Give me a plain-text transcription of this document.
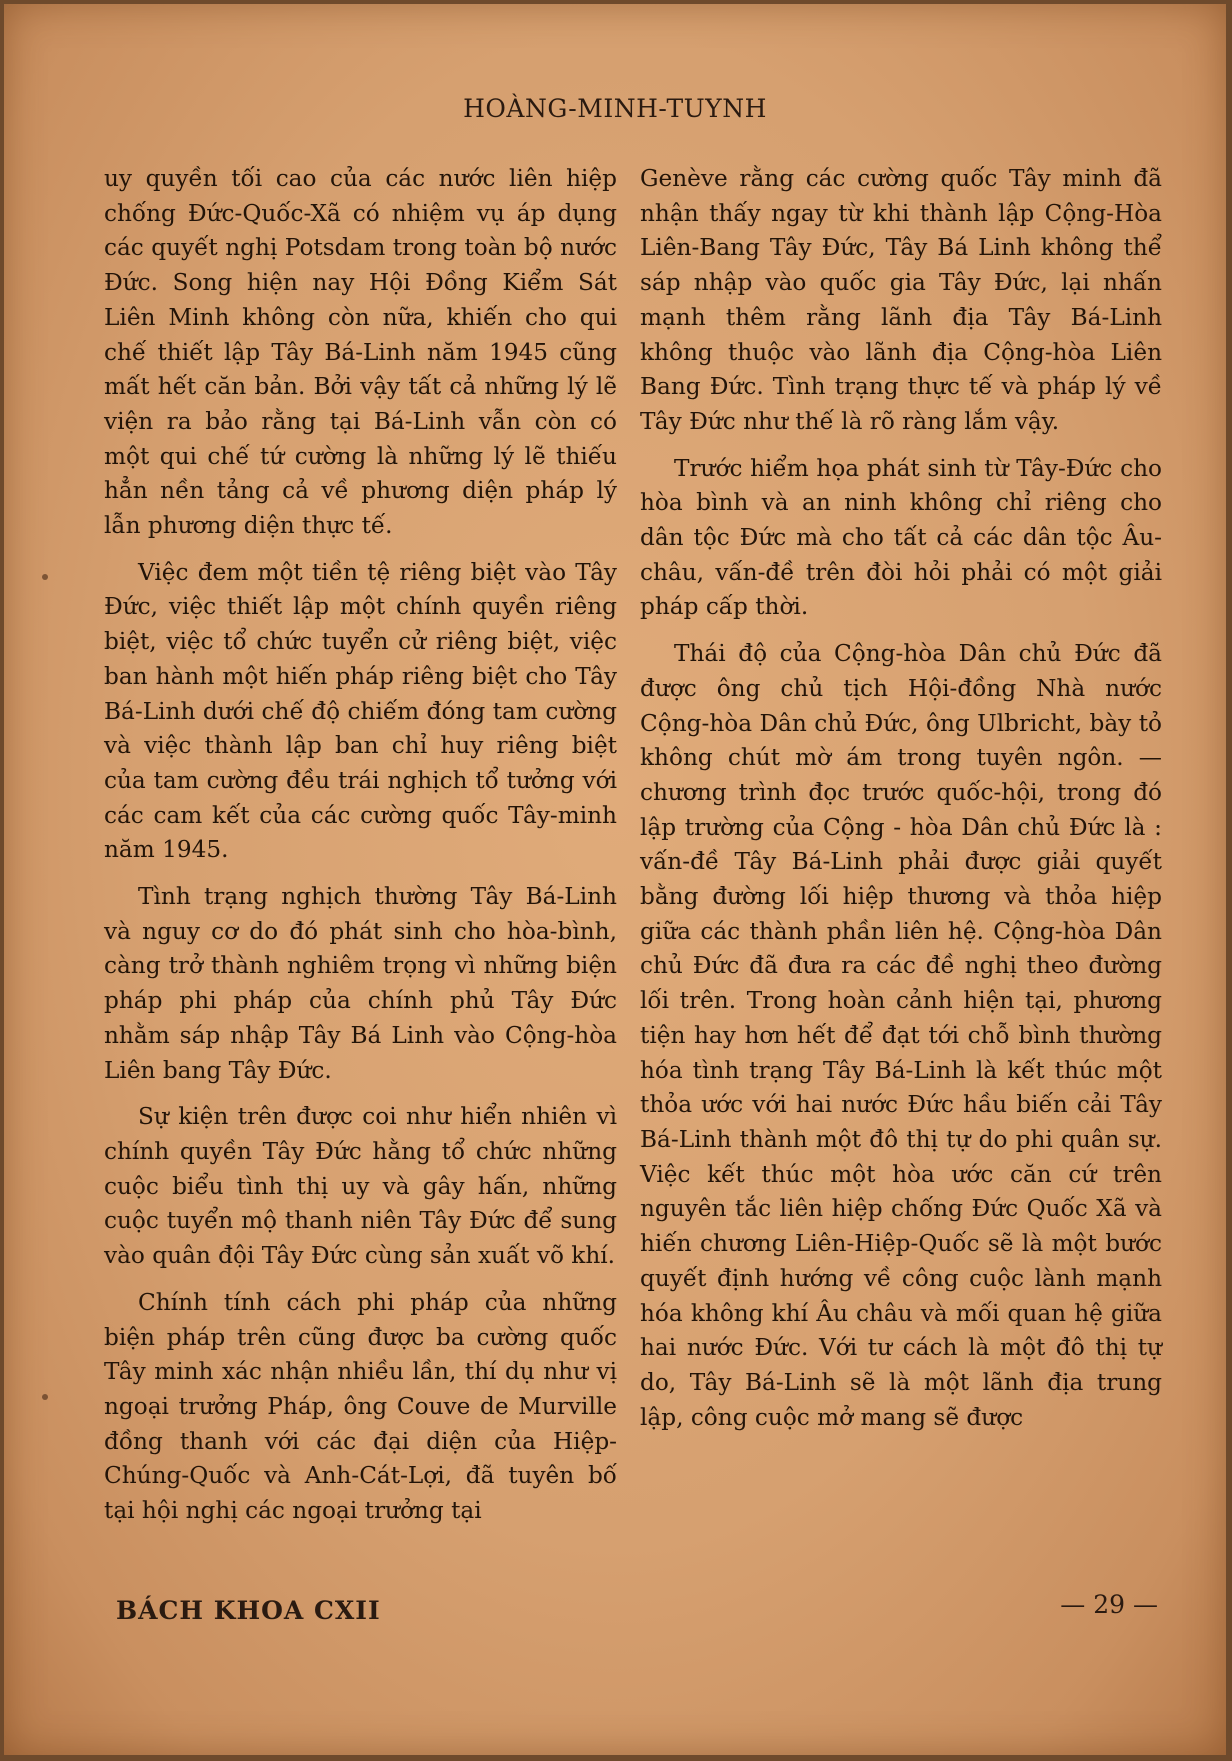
HOÀNG-MINH-TUYNH

uy quyền tối cao của các nước liên hiệp chống Đức-Quốc-Xã có nhiệm vụ áp dụng các quyết nghị Potsdam trong toàn bộ nước Đức. Song hiện nay Hội Đồng Kiểm Sát Liên Minh không còn nữa, khiến cho qui chế thiết lập Tây Bá-Linh năm 1945 cũng mất hết căn bản. Bởi vậy tất cả những lý lẽ viện ra bảo rằng tại Bá-Linh vẫn còn có một qui chế tứ cường là những lý lẽ thiếu hẳn nền tảng cả về phương diện pháp lý lẫn phương diện thực tế.

Việc đem một tiền tệ riêng biệt vào Tây Đức, việc thiết lập một chính quyền riêng biệt, việc tổ chức tuyển cử riêng biệt, việc ban hành một hiến pháp riêng biệt cho Tây Bá-Linh dưới chế độ chiếm đóng tam cường và việc thành lập ban chỉ huy riêng biệt của tam cường đều trái nghịch tổ tưởng với các cam kết của các cường quốc Tây-minh năm 1945.

Tình trạng nghịch thường Tây Bá-Linh và nguy cơ do đó phát sinh cho hòa-bình, càng trở thành nghiêm trọng vì những biện pháp phi pháp của chính phủ Tây Đức nhằm sáp nhập Tây Bá Linh vào Cộng-hòa Liên bang Tây Đức.

Sự kiện trên được coi như hiển nhiên vì chính quyền Tây Đức hằng tổ chức những cuộc biểu tình thị uy và gây hấn, những cuộc tuyển mộ thanh niên Tây Đức để sung vào quân đội Tây Đức cùng sản xuất võ khí.

Chính tính cách phi pháp của những biện pháp trên cũng được ba cường quốc Tây minh xác nhận nhiều lần, thí dụ như vị ngoại trưởng Pháp, ông Couve de Murville đồng thanh với các đại diện của Hiệp-Chúng-Quốc và Anh-Cát-Lợi, đã tuyên bố tại hội nghị các ngoại trưởng tại

Genève rằng các cường quốc Tây minh đã nhận thấy ngay từ khi thành lập Cộng-Hòa Liên-Bang Tây Đức, Tây Bá Linh không thể sáp nhập vào quốc gia Tây Đức, lại nhấn mạnh thêm rằng lãnh địa Tây Bá-Linh không thuộc vào lãnh địa Cộng-hòa Liên Bang Đức. Tình trạng thực tế và pháp lý về Tây Đức như thế là rõ ràng lắm vậy.

Trước hiểm họa phát sinh từ Tây-Đức cho hòa bình và an ninh không chỉ riêng cho dân tộc Đức mà cho tất cả các dân tộc Âu-châu, vấn-đề trên đòi hỏi phải có một giải pháp cấp thời.

Thái độ của Cộng-hòa Dân chủ Đức đã được ông chủ tịch Hội-đồng Nhà nước Cộng-hòa Dân chủ Đức, ông Ulbricht, bày tỏ không chút mờ ám trong tuyên ngôn. — chương trình đọc trước quốc-hội, trong đó lập trường của Cộng - hòa Dân chủ Đức là : vấn-đề Tây Bá-Linh phải được giải quyết bằng đường lối hiệp thương và thỏa hiệp giữa các thành phần liên hệ. Cộng-hòa Dân chủ Đức đã đưa ra các đề nghị theo đường lối trên. Trong hoàn cảnh hiện tại, phương tiện hay hơn hết để đạt tới chỗ bình thường hóa tình trạng Tây Bá-Linh là kết thúc một thỏa ước với hai nước Đức hầu biến cải Tây Bá-Linh thành một đô thị tự do phi quân sự. Việc kết thúc một hòa ước căn cứ trên nguyên tắc liên hiệp chống Đức Quốc Xã và hiến chương Liên-Hiệp-Quốc sẽ là một bước quyết định hướng về công cuộc lành mạnh hóa không khí Âu châu và mối quan hệ giữa hai nước Đức. Với tư cách là một đô thị tự do, Tây Bá-Linh sẽ là một lãnh địa trung lập, công cuộc mở mang sẽ được

BÁCH KHOA CXII	— 29 —
